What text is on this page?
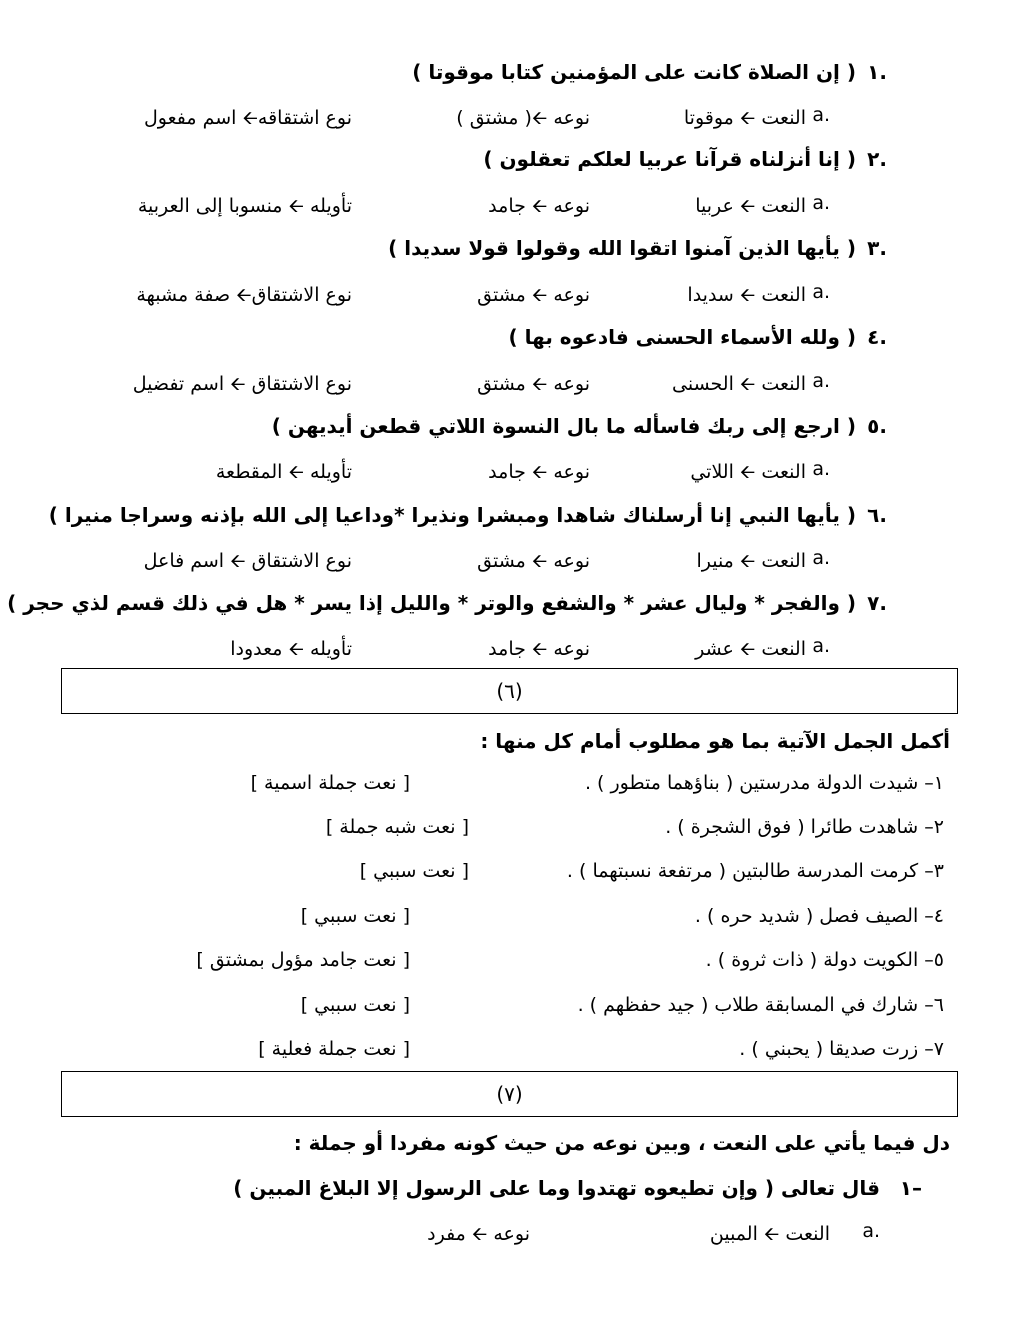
١.
( إن الصلاة كانت على المؤمنين كتابا موقوتا )
a.
النعت 🡨 موقوتا
نوعه 🡨( مشتق )
نوع اشتقاقه🡨 اسم مفعول
٢.
( إنا أنزلناه قرآنا عربيا لعلكم تعقلون )
a.
النعت 🡨 عربيا
نوعه 🡨 جامد
تأويله 🡨 منسوبا إلى العربية
٣.
( يأيها الذين آمنوا اتقوا الله وقولوا قولا سديدا )
a.
النعت 🡨 سديدا
نوعه 🡨 مشتق
نوع الاشتقاق🡨 صفة مشبهة
٤.
( ولله الأسماء الحسنى فادعوه بها )
a.
النعت 🡨 الحسنى
نوعه 🡨 مشتق
نوع الاشتقاق 🡨 اسم تفضيل
٥.
( ارجع إلى ربك فاسأله ما بال النسوة اللاتي قطعن أيديهن )
a.
النعت 🡨 اللاتي
نوعه 🡨 جامد
تأويله 🡨 المقطعة
٦.
( يأيها النبي إنا أرسلناك شاهدا ومبشرا ونذيرا *وداعيا إلى الله بإذنه وسراجا منيرا )
a.
النعت 🡨 منيرا
نوعه 🡨 مشتق
نوع الاشتقاق 🡨 اسم فاعل
٧.
( والفجر * وليال عشر * والشفع والوتر * والليل إذا يسر * هل في ذلك قسم لذي حجر )
a.
النعت 🡨 عشر
نوعه 🡨 جامد
تأويله 🡨 معدودا
(٦)
أكمل الجمل الآتية بما هو مطلوب أمام كل منها :
١– شيدت الدولة مدرستين ( بناؤهما متطور ) .
[ نعت جملة اسمية ]
٢– شاهدت طائرا ( فوق الشجرة ) .
[ نعت شبه جملة ]
٣– كرمت المدرسة طالبتين ( مرتفعة نسبتهما ) .
[ نعت سببي ]
٤– الصيف فصل ( شديد حره ) .
[ نعت سببي ]
٥– الكويت دولة ( ذات ثروة ) .
[ نعت جامد مؤول بمشتق ]
٦– شارك في المسابقة طلاب ( جيد حفظهم ) .
[ نعت سببي ]
٧– زرت صديقا ( يحبني ) .
[ نعت جملة فعلية ]
(٧)
دل فيما يأتي على النعت ، وبين نوعه من حيث كونه مفردا أو جملة :
١–
قال تعالى ( وإن تطيعوه تهتدوا وما على الرسول إلا البلاغ المبين )
a.
النعت 🡨 المبين
نوعه 🡨 مفرد
